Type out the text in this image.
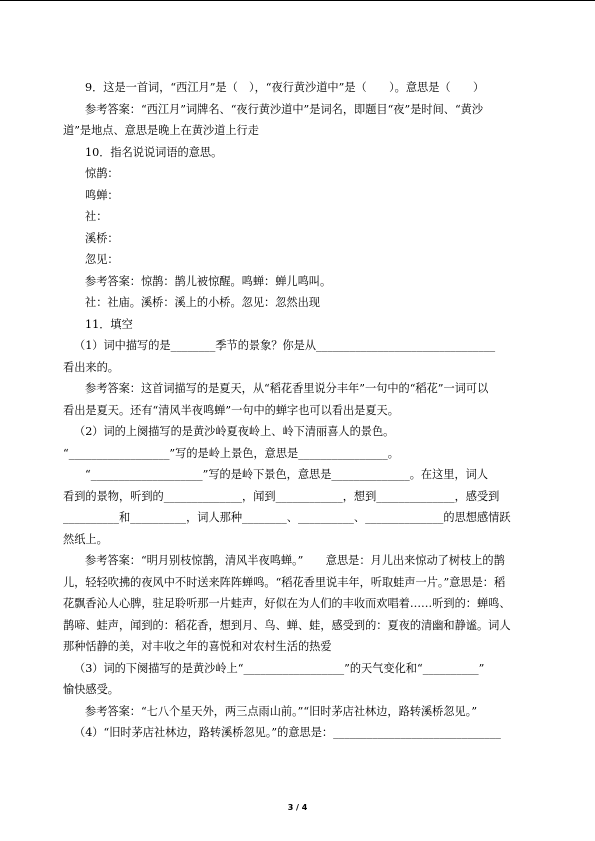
9．这是一首词，“西江月”是（　），“夜行黄沙道中”是（　　）。意思是（　　）

参考答案：“西江月”词牌名、“夜行黄沙道中”是词名，即题目“夜”是时间、“黄沙

道”是地点、意思是晚上在黄沙道上行走

10．指名说说词语的意思。

惊鹊：

鸣蝉：

社：

溪桥：

忽见：

参考答案：惊鹊：鹊儿被惊醒。鸣蝉：蝉儿鸣叫。

社：社庙。溪桥：溪上的小桥。忽见：忽然出现

11．填空

（1）词中描写的是________季节的景象？你是从________________________________

看出来的。

参考答案：这首词描写的是夏天，从“稻花香里说分丰年”一句中的“稻花”一词可以

看出是夏天。还有“清风半夜鸣蝉”一句中的蝉字也可以看出是夏天。

（2）词的上阕描写的是黄沙岭夏夜岭上、岭下清丽喜人的景色。

“__________________”写的是岭上景色，意思是________________。

“____________________”写的是岭下景色，意思是______________。在这里，词人

看到的景物，听到的______________，闻到____________，想到______________，感受到

__________和__________，词人那种________、__________、______________的思想感情跃

然纸上。

参考答案：“明月别枝惊鹊，清风半夜鸣蝉。”　　意思是：月儿出来惊动了树枝上的鹊

儿，轻轻吹拂的夜风中不时送来阵阵蝉鸣。“稻花香里说丰年，听取蛙声一片。”意思是：稻

花飘香沁人心脾，驻足聆听那一片蛙声，好似在为人们的丰收而欢唱着……听到的：蝉鸣、

鹊啼、蛙声，闻到的：稻花香，想到月、鸟、蝉、蛙，感受到的：夏夜的清幽和静谧。词人

那种恬静的美，对丰收之年的喜悦和对农村生活的热爱

（3）词的下阕描写的是黄沙岭上“__________________”的天气变化和“__________”

愉快感受。

参考答案：“七八个星天外，两三点雨山前。”“旧时茅店社林边，路转溪桥忽见。”

（4）“旧时茅店社林边，路转溪桥忽见。”的意思是：______________________________

3 / 4
